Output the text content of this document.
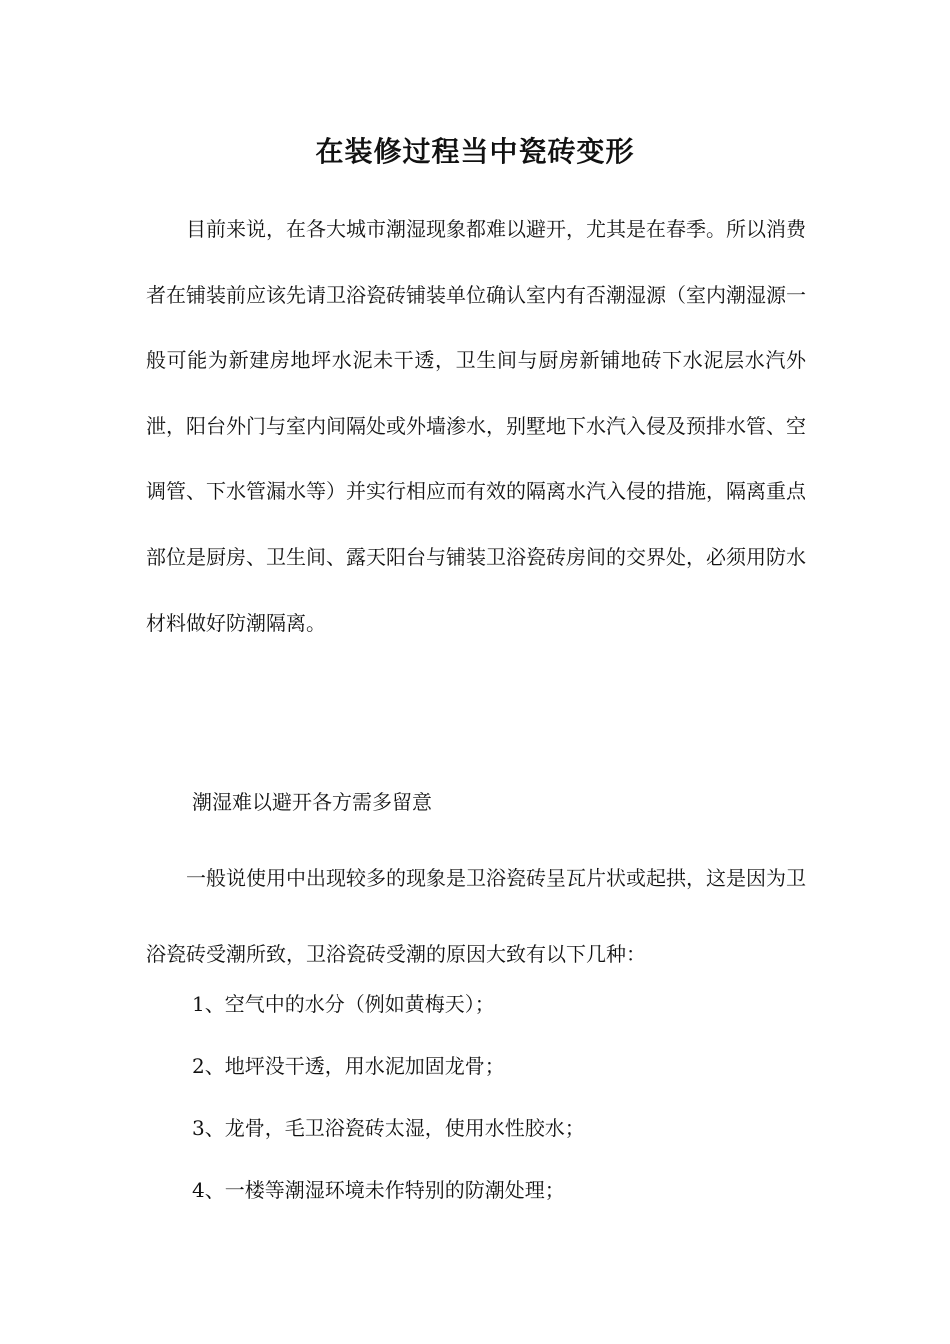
在装修过程当中瓷砖变形

目前来说，在各大城市潮湿现象都难以避开，尤其是在春季。所以消费者在铺装前应该先请卫浴瓷砖铺装单位确认室内有否潮湿源（室内潮湿源一般可能为新建房地坪水泥未干透，卫生间与厨房新铺地砖下水泥层水汽外泄，阳台外门与室内间隔处或外墙渗水，别墅地下水汽入侵及预排水管、空调管、下水管漏水等）并实行相应而有效的隔离水汽入侵的措施，隔离重点部位是厨房、卫生间、露天阳台与铺装卫浴瓷砖房间的交界处，必须用防水材料做好防潮隔离。

潮湿难以避开各方需多留意

一般说使用中出现较多的现象是卫浴瓷砖呈瓦片状或起拱，这是因为卫浴瓷砖受潮所致，卫浴瓷砖受潮的原因大致有以下几种：

1、空气中的水分（例如黄梅天）；

2、地坪没干透，用水泥加固龙骨；

3、龙骨，毛卫浴瓷砖太湿，使用水性胶水；

4、一楼等潮湿环境未作特别的防潮处理；
